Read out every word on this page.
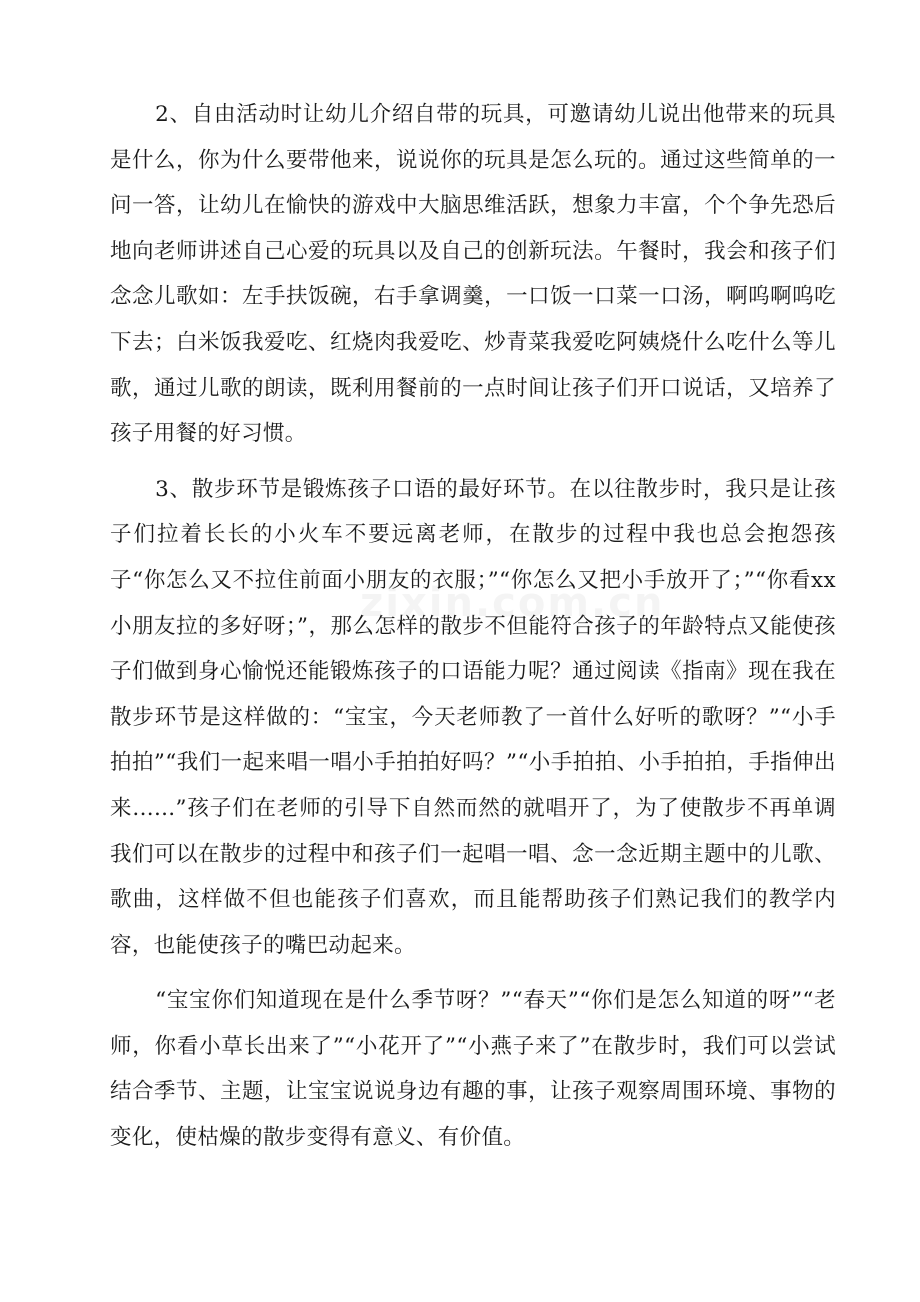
2、自由活动时让幼儿介绍自带的玩具，可邀请幼儿说出他带来的玩具是什么，你为什么要带他来，说说你的玩具是怎么玩的。通过这些简单的一问一答，让幼儿在愉快的游戏中大脑思维活跃，想象力丰富，个个争先恐后地向老师讲述自己心爱的玩具以及自己的创新玩法。午餐时，我会和孩子们念念儿歌如：左手扶饭碗，右手拿调羹，一口饭一口菜一口汤，啊呜啊呜吃下去；白米饭我爱吃、红烧肉我爱吃、炒青菜我爱吃阿姨烧什么吃什么等儿歌，通过儿歌的朗读，既利用餐前的一点时间让孩子们开口说话，又培养了孩子用餐的好习惯。

3、散步环节是锻炼孩子口语的最好环节。在以往散步时，我只是让孩子们拉着长长的小火车不要远离老师，在散步的过程中我也总会抱怨孩子“你怎么又不拉住前面小朋友的衣服；”“你怎么又把小手放开了；”“你看xx小朋友拉的多好呀；”，那么怎样的散步不但能符合孩子的年龄特点又能使孩子们做到身心愉悦还能锻炼孩子的口语能力呢？通过阅读《指南》现在我在散步环节是这样做的：“宝宝，今天老师教了一首什么好听的歌呀？”“小手拍拍”“我们一起来唱一唱小手拍拍好吗？”“小手拍拍、小手拍拍，手指伸出来......”孩子们在老师的引导下自然而然的就唱开了，为了使散步不再单调我们可以在散步的过程中和孩子们一起唱一唱、念一念近期主题中的儿歌、歌曲，这样做不但也能孩子们喜欢，而且能帮助孩子们熟记我们的教学内容，也能使孩子的嘴巴动起来。

“宝宝你们知道现在是什么季节呀？”“春天”“你们是怎么知道的呀”“老师，你看小草长出来了”“小花开了”“小燕子来了”在散步时，我们可以尝试结合季节、主题，让宝宝说说身边有趣的事，让孩子观察周围环境、事物的变化，使枯燥的散步变得有意义、有价值。

zixin.com.cn
